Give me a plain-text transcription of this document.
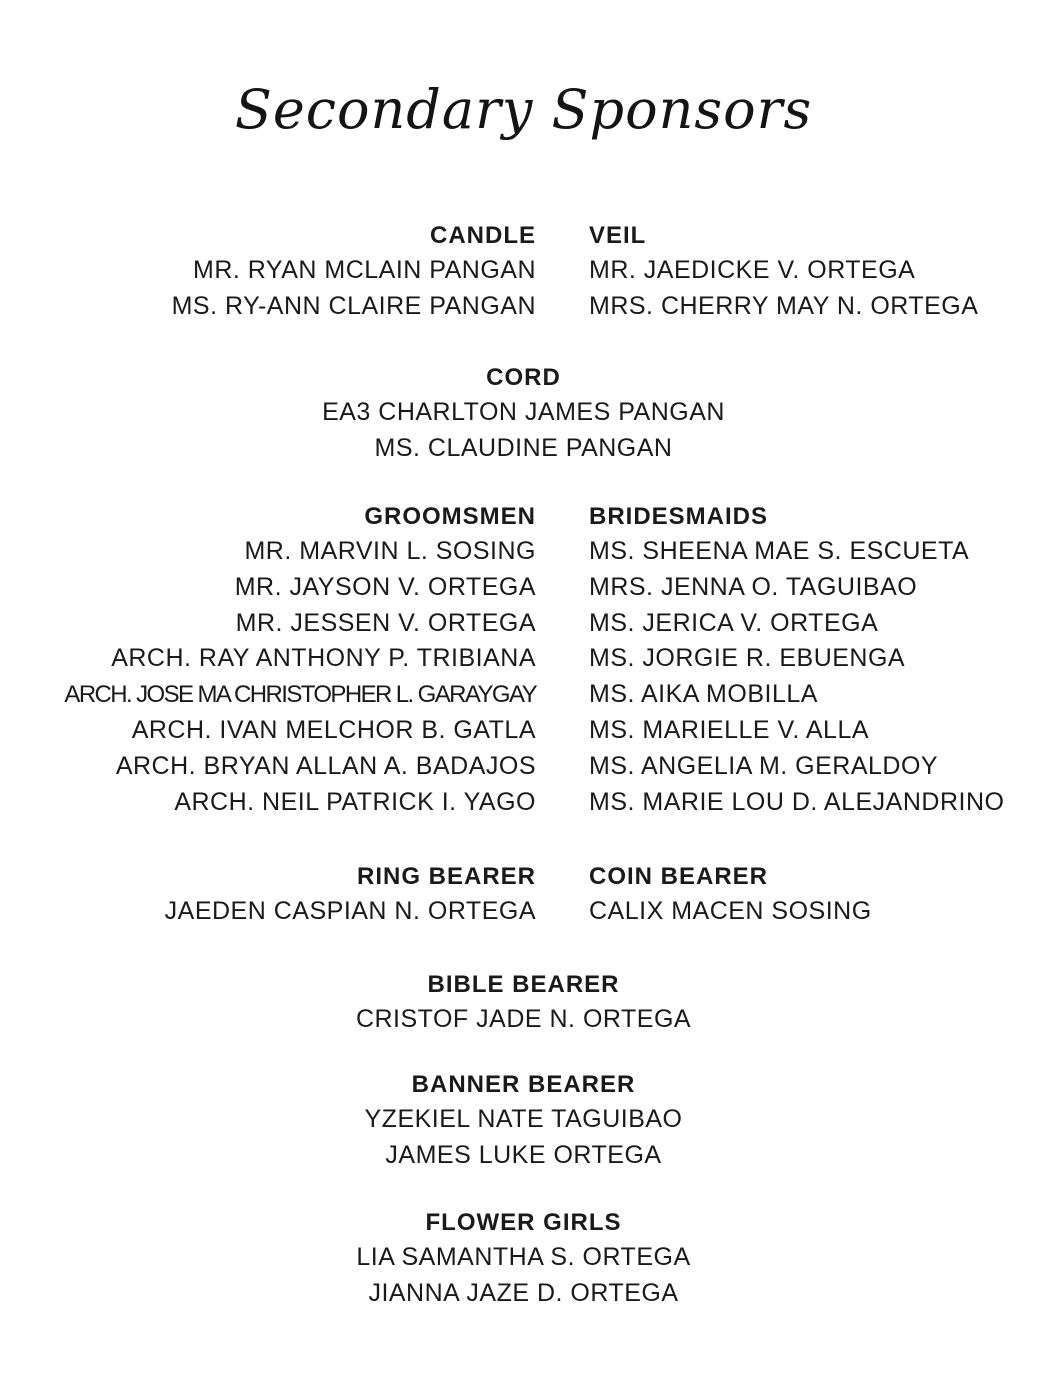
Secondary Sponsors
CANDLE
MR. RYAN MCLAIN PANGAN
MS. RY-ANN CLAIRE PANGAN
VEIL
MR. JAEDICKE V. ORTEGA
MRS. CHERRY MAY N. ORTEGA
CORD
EA3 CHARLTON JAMES PANGAN
MS. CLAUDINE PANGAN
GROOMSMEN
MR. MARVIN L. SOSING
MR. JAYSON V. ORTEGA
MR. JESSEN V. ORTEGA
ARCH. RAY ANTHONY P. TRIBIANA
ARCH. JOSE MA CHRISTOPHER L. GARAYGAY
ARCH. IVAN MELCHOR B. GATLA
ARCH. BRYAN ALLAN A. BADAJOS
ARCH. NEIL PATRICK I. YAGO
BRIDESMAIDS
MS. SHEENA MAE S. ESCUETA
MRS. JENNA O. TAGUIBAO
MS. JERICA V. ORTEGA
MS. JORGIE R. EBUENGA
MS. AIKA MOBILLA
MS. MARIELLE V. ALLA
MS. ANGELIA M. GERALDOY
MS. MARIE LOU D. ALEJANDRINO
RING BEARER
JAEDEN CASPIAN N. ORTEGA
COIN BEARER
CALIX MACEN SOSING
BIBLE BEARER
CRISTOF JADE N. ORTEGA
BANNER BEARER
YZEKIEL NATE TAGUIBAO
JAMES LUKE ORTEGA
FLOWER GIRLS
LIA SAMANTHA S. ORTEGA
JIANNA JAZE D. ORTEGA
